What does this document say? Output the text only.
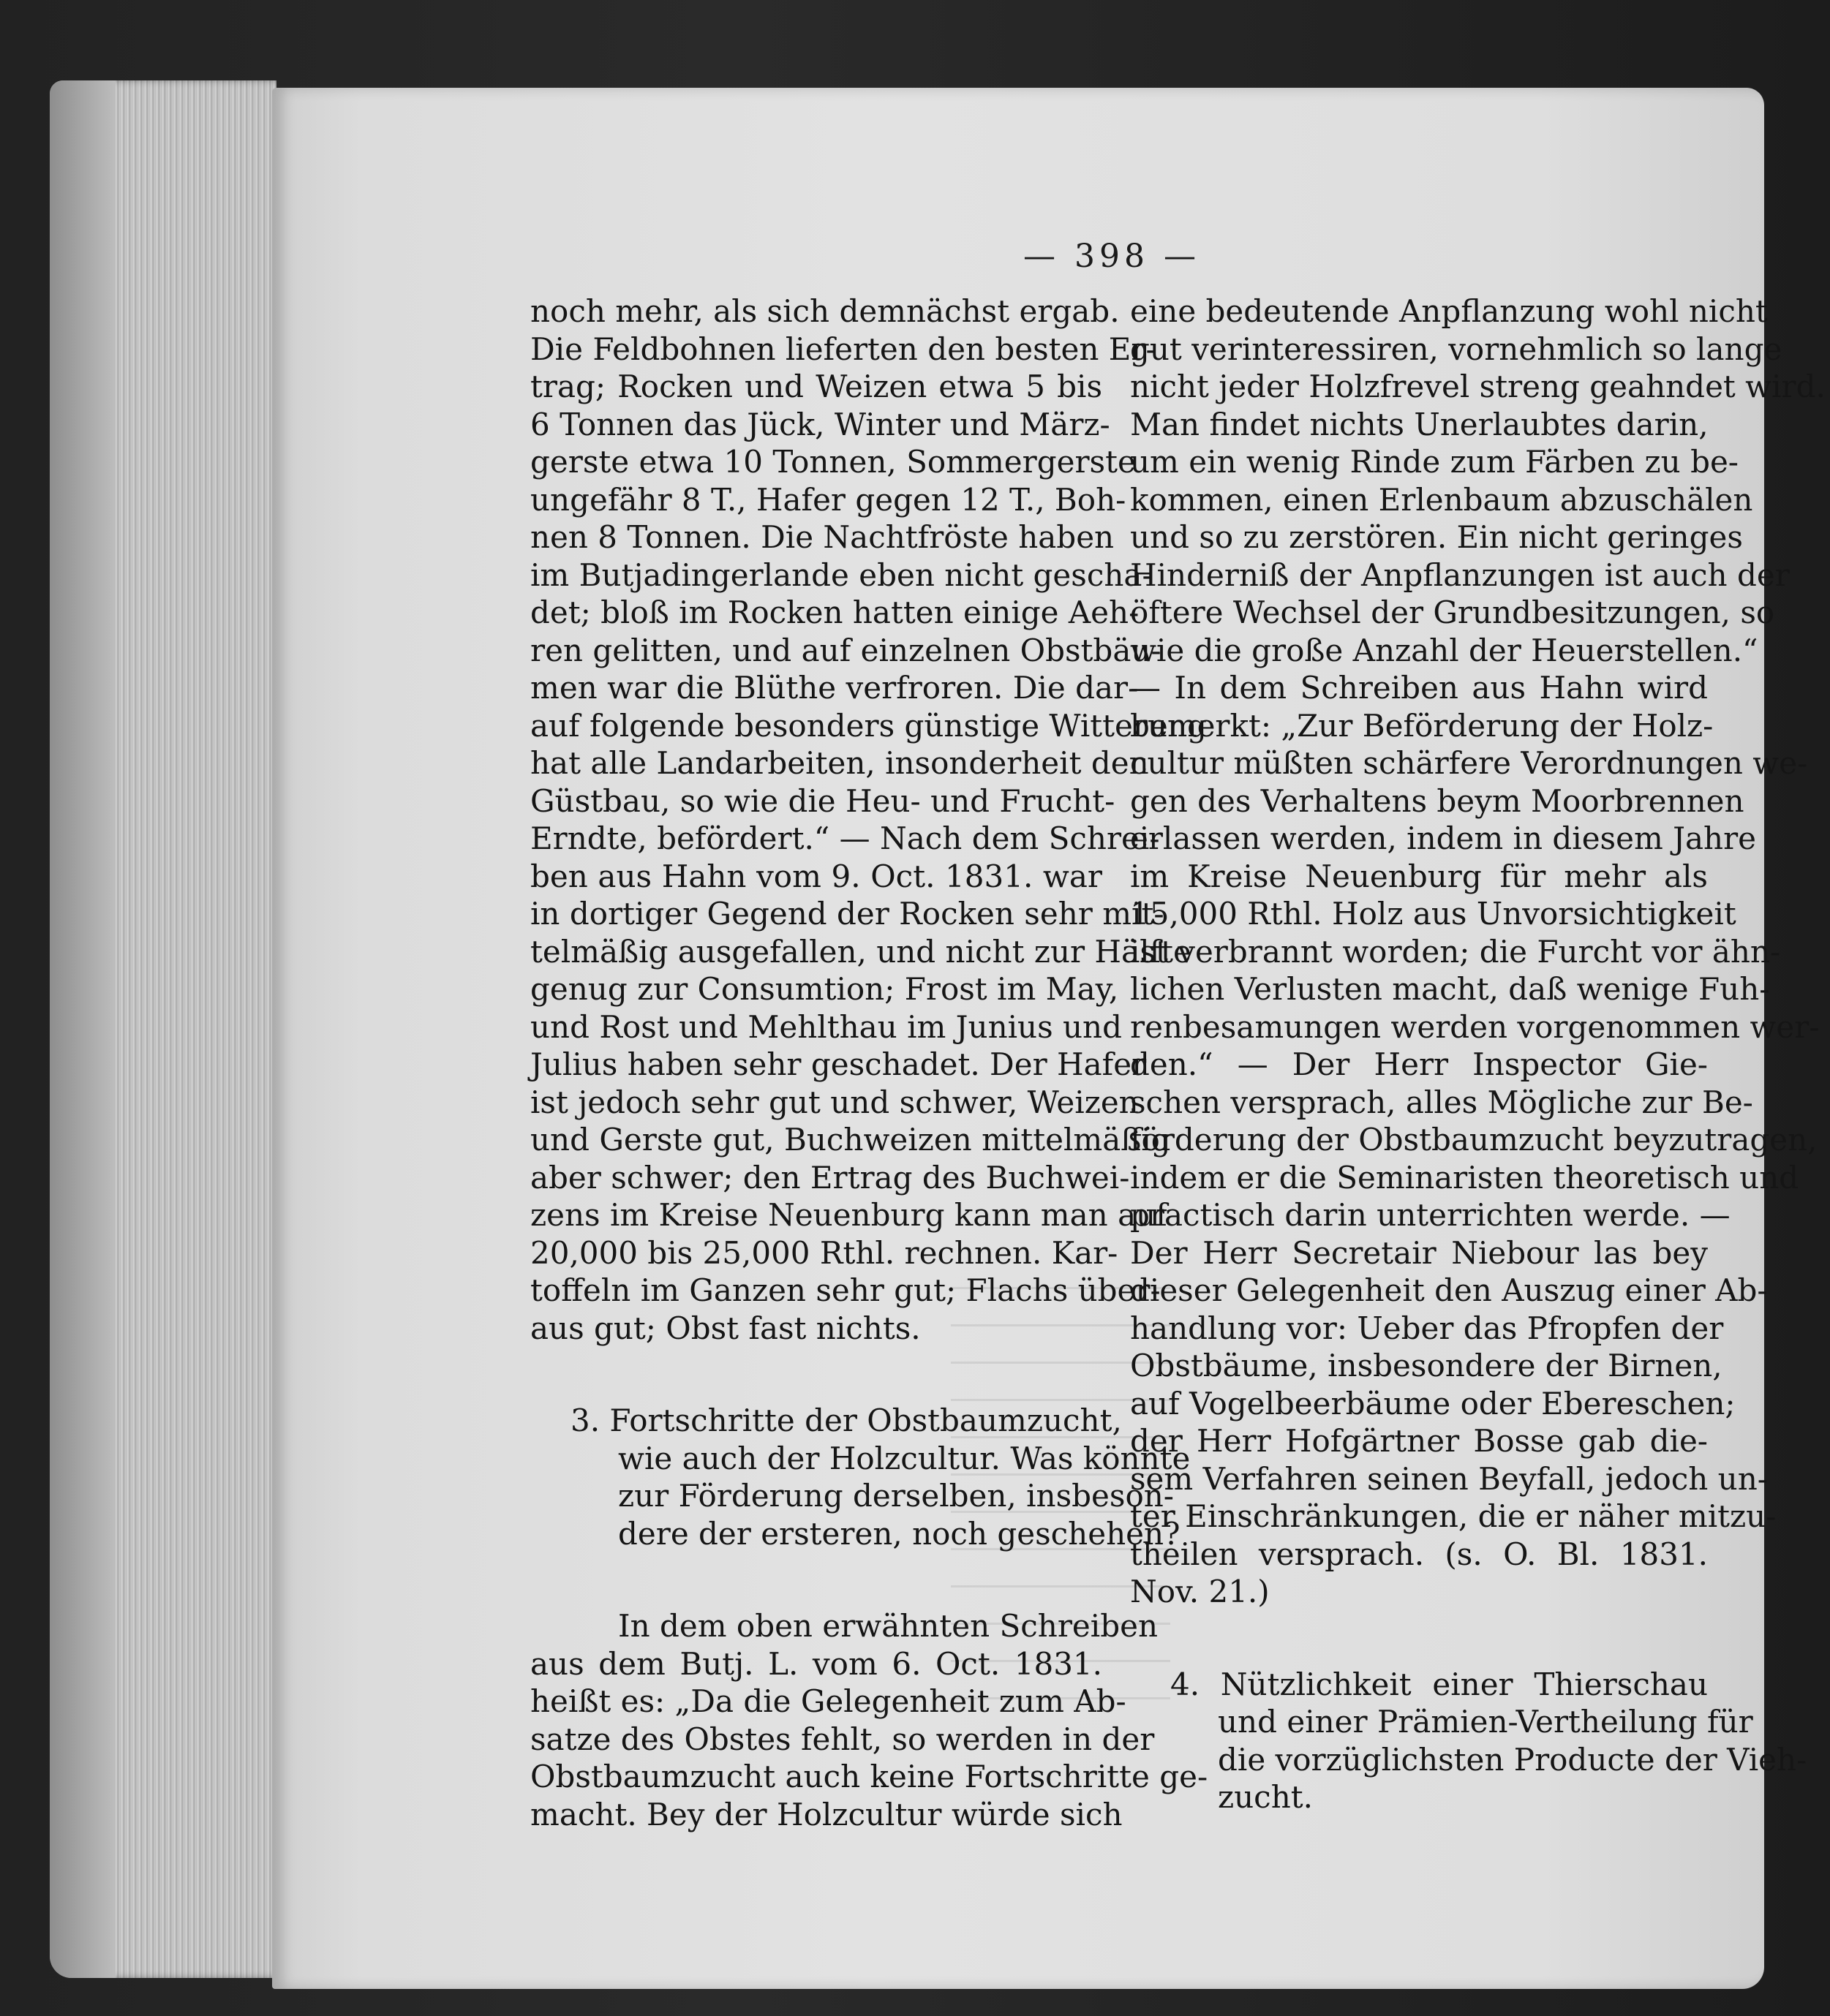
— 398 —
noch mehr, als sich demnächst ergab.
Die Feldbohnen lieferten den besten Er-
trag; Rocken und Weizen etwa 5 bis
6 Tonnen das Jück, Winter und März-
gerste etwa 10 Tonnen, Sommergerste
ungefähr 8 T., Hafer gegen 12 T., Boh-
nen 8 Tonnen. Die Nachtfröste haben
im Butjadingerlande eben nicht gescha-
det; bloß im Rocken hatten einige Aeh-
ren gelitten, und auf einzelnen Obstbäu-
men war die Blüthe verfroren. Die dar-
auf folgende besonders günstige Witterung
hat alle Landarbeiten, insonderheit den
Güstbau, so wie die Heu- und Frucht-
Erndte, befördert.“ — Nach dem Schrei-
ben aus Hahn vom 9. Oct. 1831. war
in dortiger Gegend der Rocken sehr mit-
telmäßig ausgefallen, und nicht zur Hälfte
genug zur Consumtion; Frost im May,
und Rost und Mehlthau im Junius und
Julius haben sehr geschadet. Der Hafer
ist jedoch sehr gut und schwer, Weizen
und Gerste gut, Buchweizen mittelmäßig
aber schwer; den Ertrag des Buchwei-
zens im Kreise Neuenburg kann man auf
20,000 bis 25,000 Rthl. rechnen. Kar-
toffeln im Ganzen sehr gut; Flachs über-
aus gut; Obst fast nichts.
3. Fortschritte der Obstbaumzucht,
wie auch der Holzcultur. Was könnte
zur Förderung derselben, insbeson-
dere der ersteren, noch geschehen?
In dem oben erwähnten Schreiben
aus dem Butj. L. vom 6. Oct. 1831.
heißt es: „Da die Gelegenheit zum Ab-
satze des Obstes fehlt, so werden in der
Obstbaumzucht auch keine Fortschritte ge-
macht. Bey der Holzcultur würde sich
eine bedeutende Anpflanzung wohl nicht
gut verinteressiren, vornehmlich so lange
nicht jeder Holzfrevel streng geahndet wird.
Man findet nichts Unerlaubtes darin,
um ein wenig Rinde zum Färben zu be-
kommen, einen Erlenbaum abzuschälen
und so zu zerstören. Ein nicht geringes
Hinderniß der Anpflanzungen ist auch der
öftere Wechsel der Grundbesitzungen, so
wie die große Anzahl der Heuerstellen.“
— In dem Schreiben aus Hahn wird
bemerkt: „Zur Beförderung der Holz-
cultur müßten schärfere Verordnungen we-
gen des Verhaltens beym Moorbrennen
erlassen werden, indem in diesem Jahre
im Kreise Neuenburg für mehr als
15,000 Rthl. Holz aus Unvorsichtigkeit
ist verbrannt worden; die Furcht vor ähn-
lichen Verlusten macht, daß wenige Fuh-
renbesamungen werden vorgenommen wer-
den.“ — Der Herr Inspector Gie-
schen versprach, alles Mögliche zur Be-
förderung der Obstbaumzucht beyzutragen,
indem er die Seminaristen theoretisch und
practisch darin unterrichten werde. —
Der Herr Secretair Niebour las bey
dieser Gelegenheit den Auszug einer Ab-
handlung vor: Ueber das Pfropfen der
Obstbäume, insbesondere der Birnen,
auf Vogelbeerbäume oder Ebereschen;
der Herr Hofgärtner Bosse gab die-
sem Verfahren seinen Beyfall, jedoch un-
ter Einschränkungen, die er näher mitzu-
theilen versprach. (s. O. Bl. 1831.
Nov. 21.)
4. Nützlichkeit einer Thierschau
und einer Prämien-Vertheilung für
die vorzüglichsten Producte der Vieh-
zucht.
